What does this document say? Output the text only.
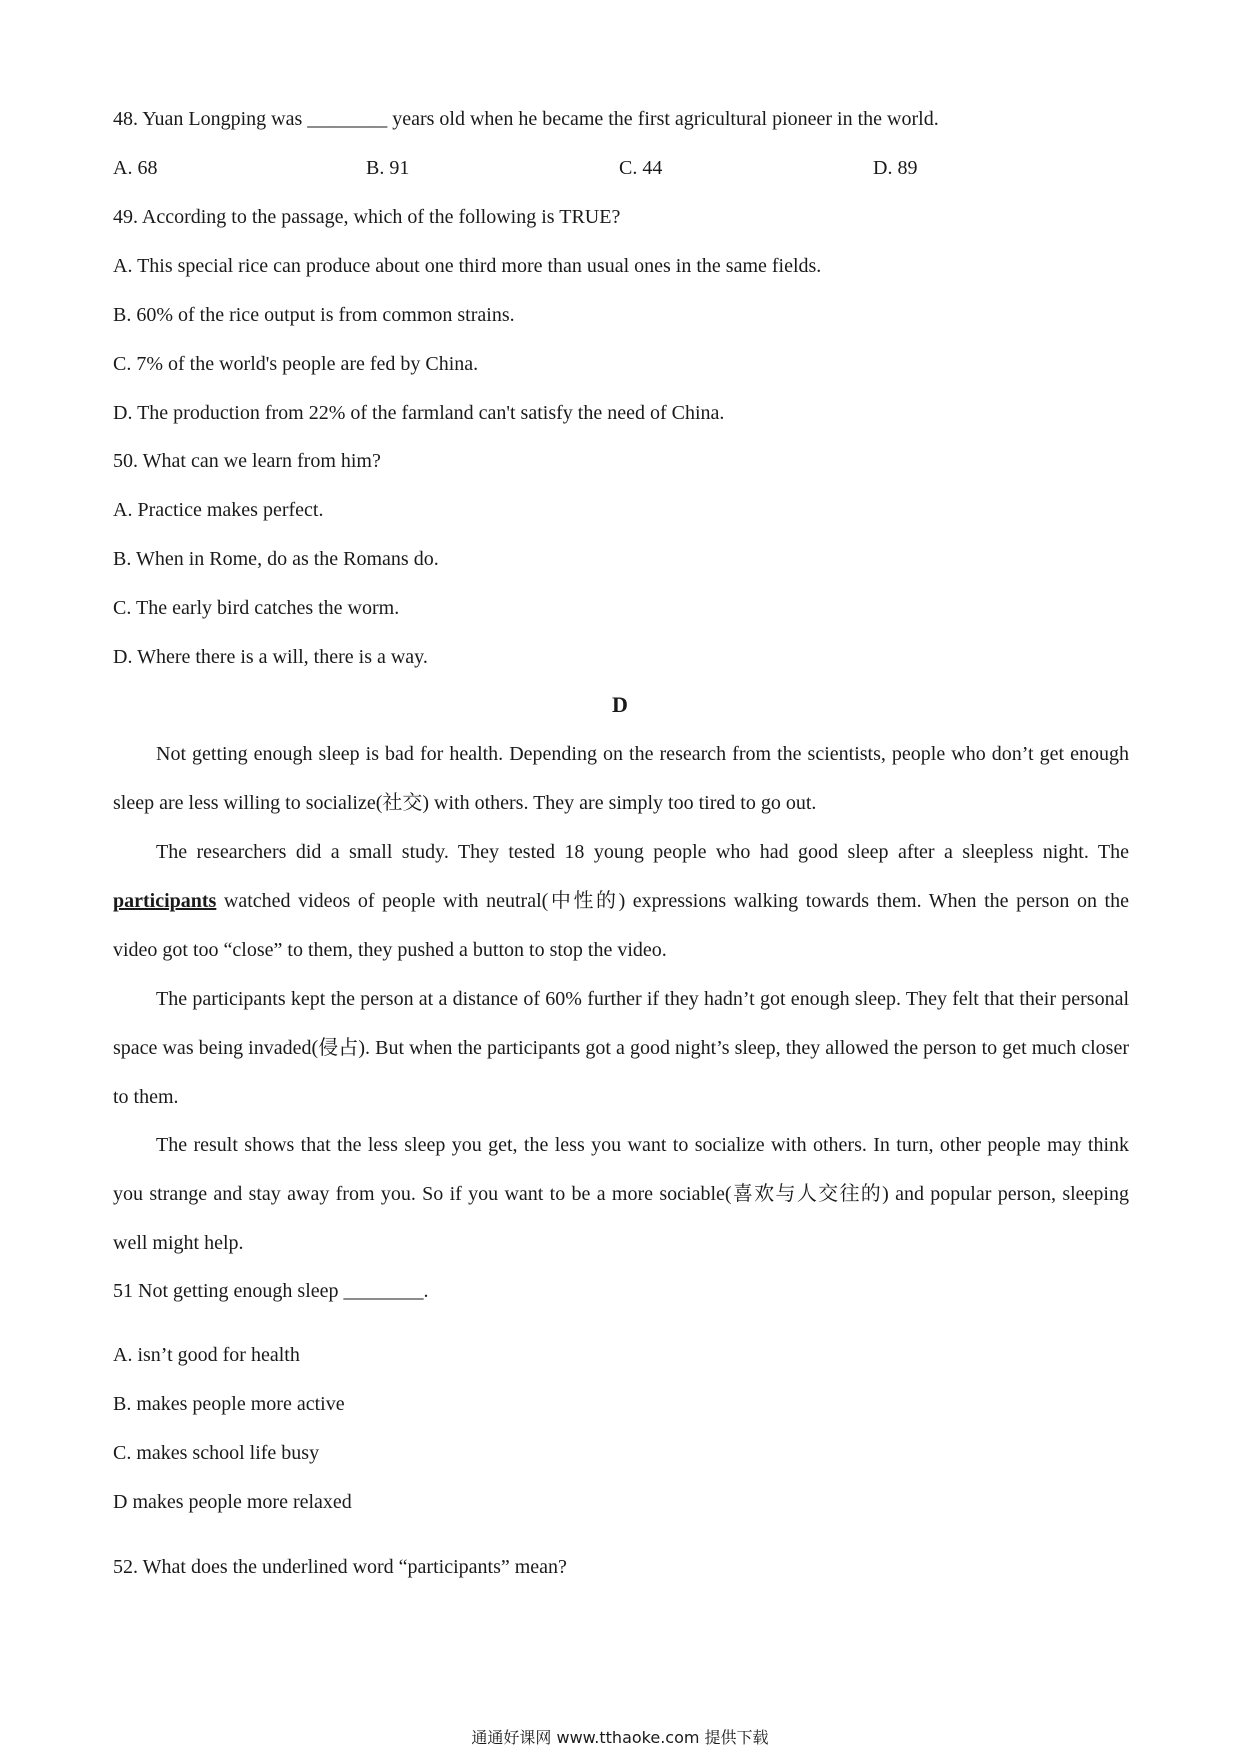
48. Yuan Longping was ________ years old when he became the first agricultural pioneer in the world.
A. 68	B. 91	C. 44	D. 89
49. According to the passage, which of the following is TRUE?
A. This special rice can produce about one third more than usual ones in the same fields.
B. 60% of the rice output is from common strains.
C. 7% of the world's people are fed by China.
D. The production from 22% of the farmland can't satisfy the need of China.
50. What can we learn from him?
A. Practice makes perfect.
B. When in Rome, do as the Romans do.
C. The early bird catches the worm.
D. Where there is a will, there is a way.
D
Not getting enough sleep is bad for health. Depending on the research from the scientists, people who don’t get enough sleep are less willing to socialize(社交) with others. They are simply too tired to go out.
The researchers did a small study. They tested 18 young people who had good sleep after a sleepless night. The participants watched videos of people with neutral(中性的) expressions walking towards them. When the person on the video got too “close” to them, they pushed a button to stop the video.
The participants kept the person at a distance of 60% further if they hadn’t got enough sleep. They felt that their personal space was being invaded(侵占). But when the participants got a good night’s sleep, they allowed the person to get much closer to them.
The result shows that the less sleep you get, the less you want to socialize with others. In turn, other people may think you strange and stay away from you. So if you want to be a more sociable(喜欢与人交往的) and popular person, sleeping well might help.
51 Not getting enough sleep ________.
A. isn’t good for health
B. makes people more active
C. makes school life busy
D makes people more relaxed
52. What does the underlined word “participants” mean?
通通好课网 www.tthaoke.com 提供下载
